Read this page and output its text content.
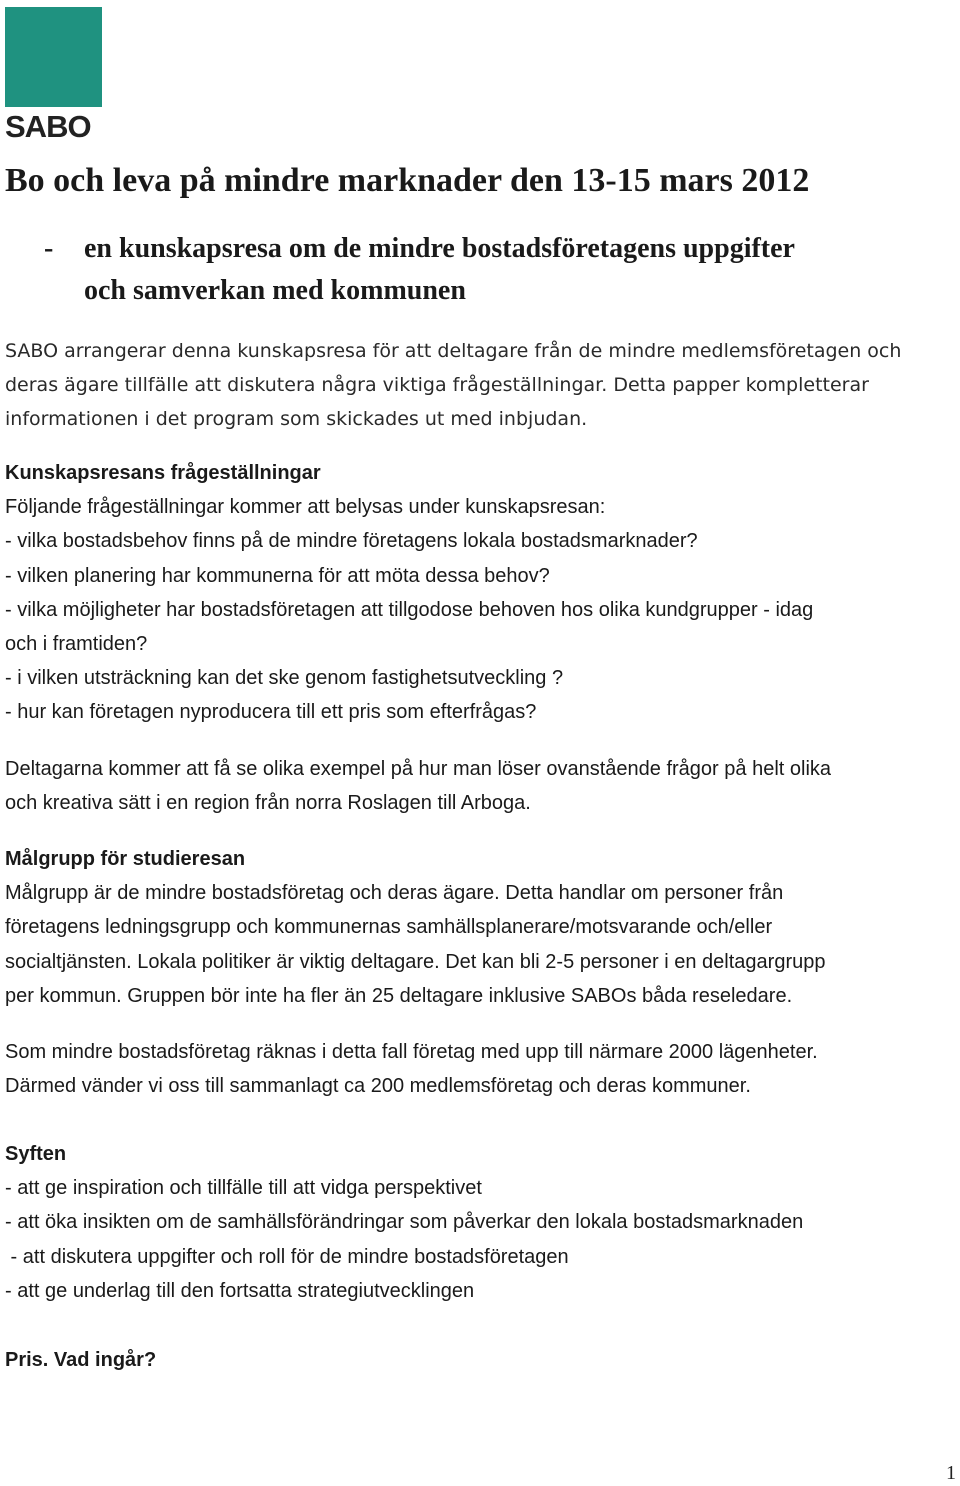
SABO
Bo och leva på mindre marknader den 13-15 mars 2012
-	en kunskapsresa om de mindre bostadsföretagens uppgifter
och samverkan med kommunen

SABO arrangerar denna kunskapsresa för att deltagare från de mindre medlemsföretagen och
deras ägare tillfälle att diskutera några viktiga frågeställningar. Detta papper kompletterar
informationen i det program som skickades ut med inbjudan.

Kunskapsresans frågeställningar
Följande frågeställningar kommer att belysas under kunskapsresan:
- vilka bostadsbehov finns på de mindre företagens lokala bostadsmarknader?
- vilken planering har kommunerna för att möta dessa behov?
- vilka möjligheter har bostadsföretagen att tillgodose behoven hos olika kundgrupper - idag
och i framtiden?
- i vilken utsträckning kan det ske genom fastighetsutveckling ?
- hur kan företagen nyproducera till ett pris som efterfrågas?
Deltagarna kommer att få se olika exempel på hur man löser ovanstående frågor på helt olika
och kreativa sätt i en region från norra Roslagen till Arboga.
Målgrupp för studieresan
Målgrupp är de mindre bostadsföretag och deras ägare. Detta handlar om personer från
företagens ledningsgrupp och kommunernas samhällsplanerare/motsvarande och/eller
socialtjänsten. Lokala politiker är viktig deltagare. Det kan bli 2-5 personer i en deltagargrupp
per kommun. Gruppen bör inte ha fler än 25 deltagare inklusive SABOs båda reseledare.
Som mindre bostadsföretag räknas i detta fall företag med upp till närmare 2000 lägenheter.
Därmed vänder vi oss till sammanlagt ca 200 medlemsföretag och deras kommuner.
Syften
- att ge inspiration och tillfälle till att vidga perspektivet
- att öka insikten om de samhällsförändringar som påverkar den lokala bostadsmarknaden
- att diskutera uppgifter och roll för de mindre bostadsföretagen
- att ge underlag till den fortsatta strategiutvecklingen
Pris. Vad ingår?
1
